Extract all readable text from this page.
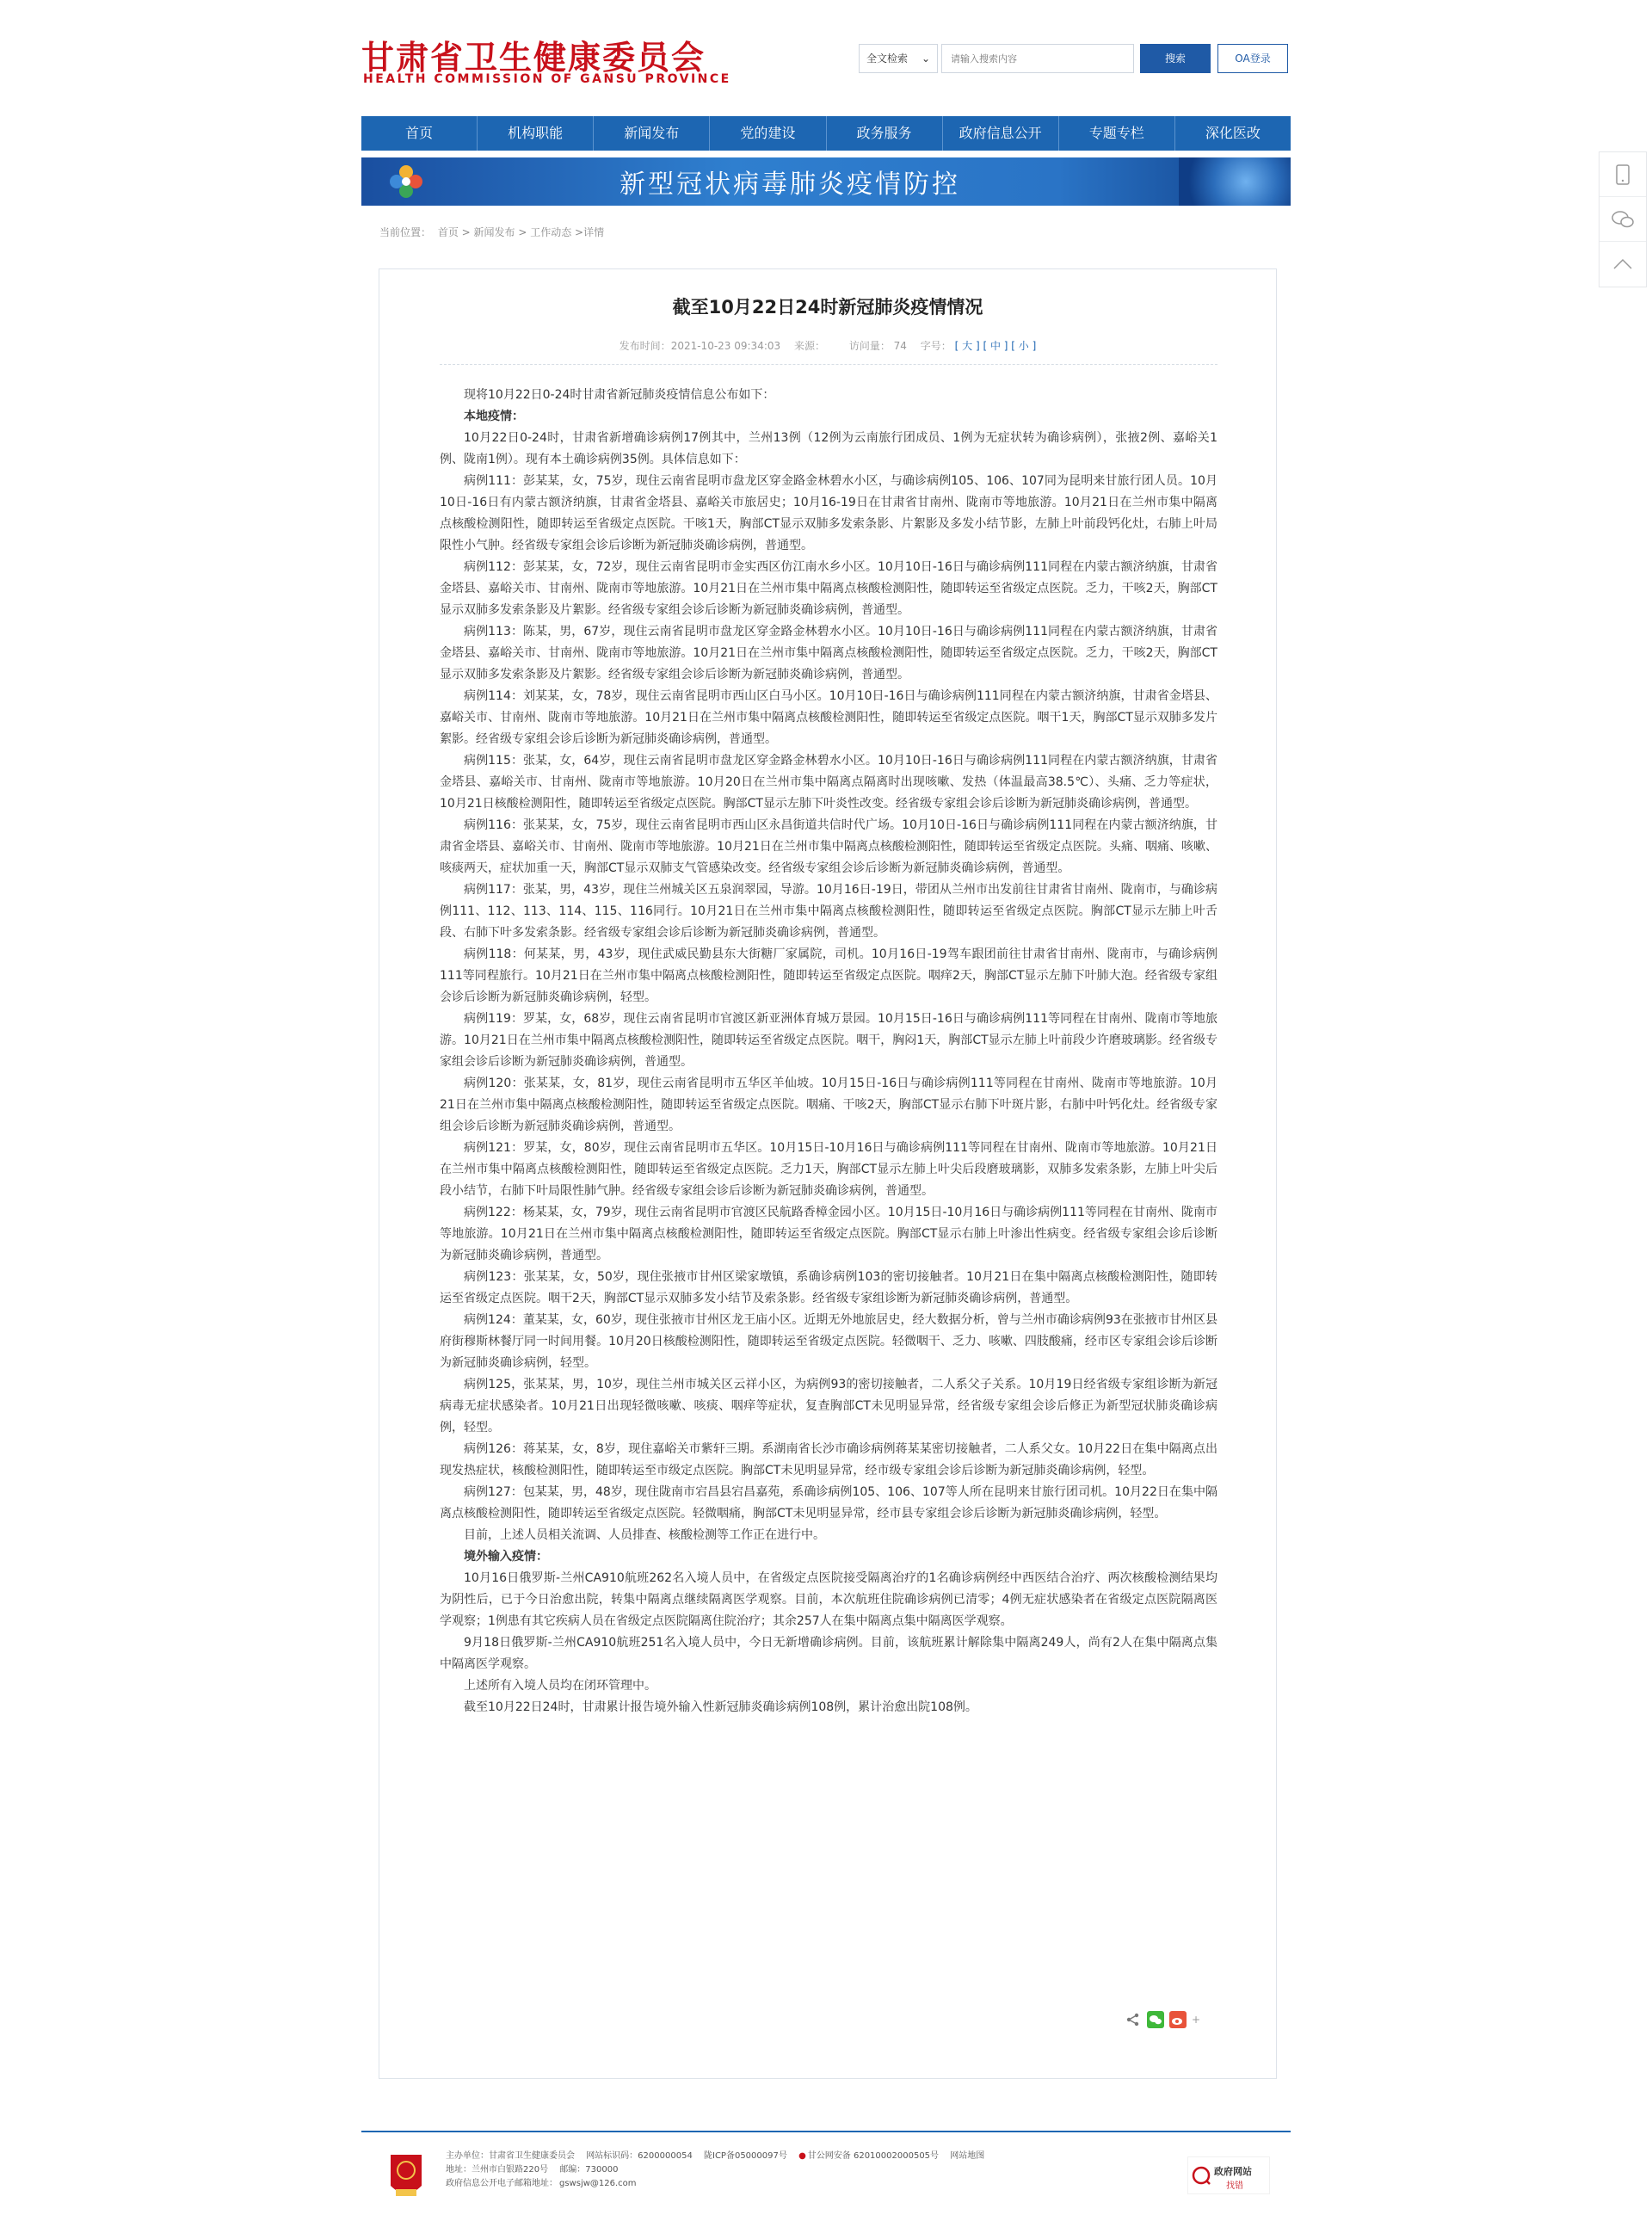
甘肃省卫生健康委员会
HEALTH COMMISSION OF GANSU PROVINCE
全文检索 ⌄
请输入搜索内容	搜索	OA登录
首页	机构职能	新闻发布	党的建设	政务服务	政府信息公开	专题专栏	深化医改
新型冠状病毒肺炎疫情防控
当前位置： 首页 > 新闻发布 > 工作动态 >详情
截至10月22日24时新冠肺炎疫情情况
发布时间：2021-10-23 09:34:03 来源： 访问量： 74 字号： [ 大 ] [ 中 ] [ 小 ]

现将10月22日0-24时甘肃省新冠肺炎疫情信息公布如下：

本地疫情：

10月22日0-24时，甘肃省新增确诊病例17例其中，兰州13例（12例为云南旅行团成员、1例为无症状转为确诊病例），张掖2例、嘉峪关1例、陇南1例）。现有本土确诊病例35例。具体信息如下：

病例111：彭某某，女，75岁，现住云南省昆明市盘龙区穿金路金林碧水小区，与确诊病例105、106、107同为昆明来甘旅行团人员。10月10日-16日有内蒙古额济纳旗，甘肃省金塔县、嘉峪关市旅居史；10月16-19日在甘肃省甘南州、陇南市等地旅游。10月21日在兰州市集中隔离点核酸检测阳性，随即转运至省级定点医院。干咳1天，胸部CT显示双肺多发索条影、片絮影及多发小结节影，左肺上叶前段钙化灶，右肺上叶局限性小气肿。经省级专家组会诊后诊断为新冠肺炎确诊病例，普通型。

病例112：彭某某，女，72岁，现住云南省昆明市金实西区仿江南水乡小区。10月10日-16日与确诊病例111同程在内蒙古额济纳旗，甘肃省金塔县、嘉峪关市、甘南州、陇南市等地旅游。10月21日在兰州市集中隔离点核酸检测阳性，随即转运至省级定点医院。乏力，干咳2天，胸部CT显示双肺多发索条影及片絮影。经省级专家组会诊后诊断为新冠肺炎确诊病例，普通型。

病例113：陈某，男，67岁，现住云南省昆明市盘龙区穿金路金林碧水小区。10月10日-16日与确诊病例111同程在内蒙古额济纳旗，甘肃省金塔县、嘉峪关市、甘南州、陇南市等地旅游。10月21日在兰州市集中隔离点核酸检测阳性，随即转运至省级定点医院。乏力，干咳2天，胸部CT显示双肺多发索条影及片絮影。经省级专家组会诊后诊断为新冠肺炎确诊病例，普通型。

病例114：刘某某，女，78岁，现住云南省昆明市西山区白马小区。10月10日-16日与确诊病例111同程在内蒙古额济纳旗，甘肃省金塔县、嘉峪关市、甘南州、陇南市等地旅游。10月21日在兰州市集中隔离点核酸检测阳性，随即转运至省级定点医院。咽干1天，胸部CT显示双肺多发片絮影。经省级专家组会诊后诊断为新冠肺炎确诊病例，普通型。

病例115：张某，女，64岁，现住云南省昆明市盘龙区穿金路金林碧水小区。10月10日-16日与确诊病例111同程在内蒙古额济纳旗，甘肃省金塔县、嘉峪关市、甘南州、陇南市等地旅游。10月20日在兰州市集中隔离点隔离时出现咳嗽、发热（体温最高38.5℃）、头痛、乏力等症状，10月21日核酸检测阳性，随即转运至省级定点医院。胸部CT显示左肺下叶炎性改变。经省级专家组会诊后诊断为新冠肺炎确诊病例，普通型。

病例116：张某某，女，75岁，现住云南省昆明市西山区永昌街道共信时代广场。10月10日-16日与确诊病例111同程在内蒙古额济纳旗，甘肃省金塔县、嘉峪关市、甘南州、陇南市等地旅游。10月21日在兰州市集中隔离点核酸检测阳性，随即转运至省级定点医院。头痛、咽痛、咳嗽、咳痰两天，症状加重一天，胸部CT显示双肺支气管感染改变。经省级专家组会诊后诊断为新冠肺炎确诊病例，普通型。

病例117：张某，男，43岁，现住兰州城关区五泉润翠园，导游。10月16日-19日，带团从兰州市出发前往甘肃省甘南州、陇南市，与确诊病例111、112、113、114、115、116同行。10月21日在兰州市集中隔离点核酸检测阳性，随即转运至省级定点医院。胸部CT显示左肺上叶舌段、右肺下叶多发索条影。经省级专家组会诊后诊断为新冠肺炎确诊病例，普通型。

病例118：何某某，男，43岁，现住武威民勤县东大街糖厂家属院，司机。10月16日-19驾车跟团前往甘肃省甘南州、陇南市，与确诊病例111等同程旅行。10月21日在兰州市集中隔离点核酸检测阳性，随即转运至省级定点医院。咽痒2天，胸部CT显示左肺下叶肺大泡。经省级专家组会诊后诊断为新冠肺炎确诊病例，轻型。

病例119：罗某，女，68岁，现住云南省昆明市官渡区新亚洲体育城万景园。10月15日-16日与确诊病例111等同程在甘南州、陇南市等地旅游。10月21日在兰州市集中隔离点核酸检测阳性，随即转运至省级定点医院。咽干，胸闷1天，胸部CT显示左肺上叶前段少许磨玻璃影。经省级专家组会诊后诊断为新冠肺炎确诊病例，普通型。

病例120：张某某，女，81岁，现住云南省昆明市五华区羊仙坡。10月15日-16日与确诊病例111等同程在甘南州、陇南市等地旅游。10月21日在兰州市集中隔离点核酸检测阳性，随即转运至省级定点医院。咽痛、干咳2天，胸部CT显示右肺下叶斑片影，右肺中叶钙化灶。经省级专家组会诊后诊断为新冠肺炎确诊病例，普通型。

病例121：罗某，女，80岁，现住云南省昆明市五华区。10月15日-10月16日与确诊病例111等同程在甘南州、陇南市等地旅游。10月21日在兰州市集中隔离点核酸检测阳性，随即转运至省级定点医院。乏力1天，胸部CT显示左肺上叶尖后段磨玻璃影，双肺多发索条影，左肺上叶尖后段小结节，右肺下叶局限性肺气肿。经省级专家组会诊后诊断为新冠肺炎确诊病例，普通型。

病例122：杨某某，女，79岁，现住云南省昆明市官渡区民航路香樟金园小区。10月15日-10月16日与确诊病例111等同程在甘南州、陇南市等地旅游。10月21日在兰州市集中隔离点核酸检测阳性，随即转运至省级定点医院。胸部CT显示右肺上叶渗出性病变。经省级专家组会诊后诊断为新冠肺炎确诊病例，普通型。

病例123：张某某，女，50岁，现住张掖市甘州区梁家墩镇，系确诊病例103的密切接触者。10月21日在集中隔离点核酸检测阳性，随即转运至省级定点医院。咽干2天，胸部CT显示双肺多发小结节及索条影。经省级专家组诊断为新冠肺炎确诊病例，普通型。

病例124：董某某，女，60岁，现住张掖市甘州区龙王庙小区。近期无外地旅居史，经大数据分析，曾与兰州市确诊病例93在张掖市甘州区县府街穆斯林餐厅同一时间用餐。10月20日核酸检测阳性，随即转运至省级定点医院。轻微咽干、乏力、咳嗽、四肢酸痛，经市区专家组会诊后诊断为新冠肺炎确诊病例，轻型。

病例125，张某某，男，10岁，现住兰州市城关区云祥小区，为病例93的密切接触者，二人系父子关系。10月19日经省级专家组诊断为新冠病毒无症状感染者。10月21日出现轻微咳嗽、咳痰、咽痒等症状，复查胸部CT未见明显异常，经省级专家组会诊后修正为新型冠状肺炎确诊病例，轻型。

病例126：蒋某某，女，8岁，现住嘉峪关市紫轩三期。系湖南省长沙市确诊病例蒋某某密切接触者，二人系父女。10月22日在集中隔离点出现发热症状，核酸检测阳性，随即转运至市级定点医院。胸部CT未见明显异常，经市级专家组会诊后诊断为新冠肺炎确诊病例，轻型。

病例127：包某某，男，48岁，现住陇南市宕昌县宕昌嘉苑，系确诊病例105、106、107等人所在昆明来甘旅行团司机。10月22日在集中隔离点核酸检测阳性，随即转运至省级定点医院。轻微咽痛，胸部CT未见明显异常，经市县专家组会诊后诊断为新冠肺炎确诊病例，轻型。

目前，上述人员相关流调、人员排查、核酸检测等工作正在进行中。

境外输入疫情：

10月16日俄罗斯-兰州CA910航班262名入境人员中，在省级定点医院接受隔离治疗的1名确诊病例经中西医结合治疗、两次核酸检测结果均为阴性后，已于今日治愈出院，转集中隔离点继续隔离医学观察。目前，本次航班住院确诊病例已清零；4例无症状感染者在省级定点医院隔离医学观察；1例患有其它疾病人员在省级定点医院隔离住院治疗；其余257人在集中隔离点集中隔离医学观察。

9月18日俄罗斯-兰州CA910航班251名入境人员中，今日无新增确诊病例。目前，该航班累计解除集中隔离249人，尚有2人在集中隔离点集中隔离医学观察。

上述所有入境人员均在闭环管理中。

截至10月22日24时，甘肃累计报告境外输入性新冠肺炎确诊病例108例，累计治愈出院108例。

+
主办单位：甘肃省卫生健康委员会 网站标识码：6200000054 陇ICP备05000097号 ● 甘公网安备 62010002000505号 网站地图
地址：兰州市白银路220号 邮编：730000
政府信息公开电子邮箱地址： gswsjw@126.com
政府网站
找错
